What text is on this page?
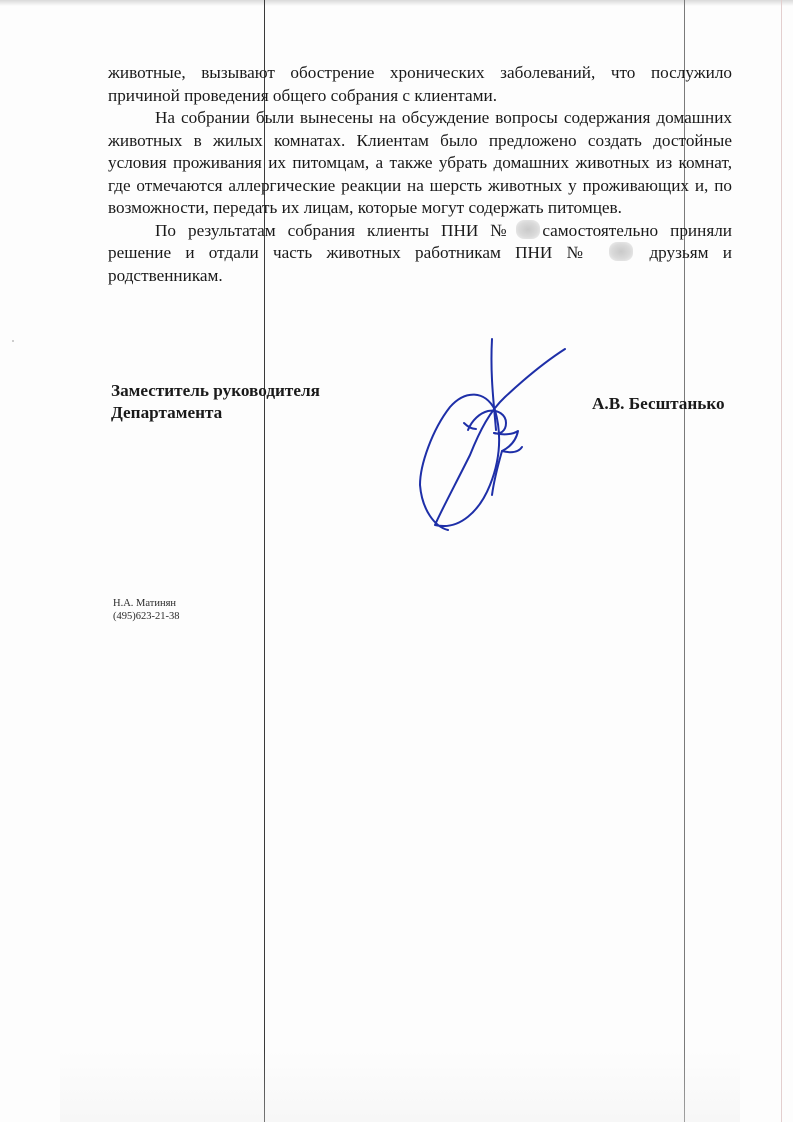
животные, вызывают обострение хронических заболеваний, что послужило причиной проведения общего собрания с клиентами.

На собрании были вынесены на обсуждение вопросы содержания домашних животных в жилых комнатах. Клиентам было предложено создать достойные условия проживания их питомцам, а также убрать домашних животных из комнат, где отмечаются аллергические реакции на шерсть животных у проживающих и, по возможности, передать их лицам, которые могут содержать питомцев.

По результатам собрания клиенты ПНИ № самостоятельно приняли решение и отдали часть животных работникам ПНИ №	друзьям и родственникам.

Заместитель руководителя
Департамента	А.В. Бесштанько
Н.А. Матинян
(495)623-21-38
